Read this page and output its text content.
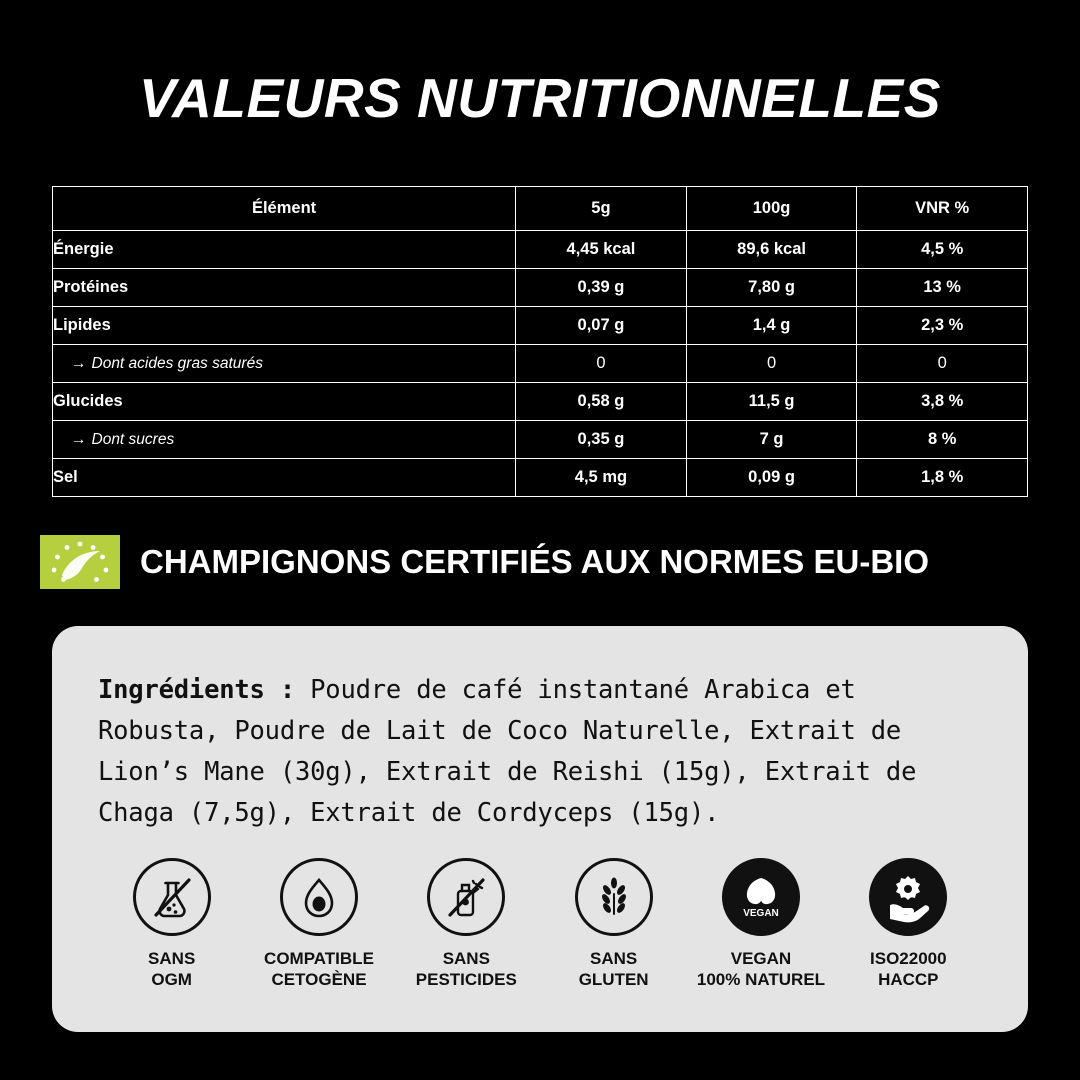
VALEURS NUTRITIONNELLES
Élément	5g	100g	VNR %
Énergie	4,45 kcal	89,6 kcal	4,5 %
Protéines	0,39 g	7,80 g	13 %
Lipides	0,07 g	1,4 g	2,3 %
→ Dont acides gras saturés	0	0	0
Glucides	0,58 g	11,5 g	3,8 %
→ Dont sucres	0,35 g	7 g	8 %
Sel	4,5 mg	0,09 g	1,8 %
CHAMPIGNONS CERTIFIÉS AUX NORMES EU-BIO
Ingrédients : Poudre de café instantané Arabica et Robusta, Poudre de Lait de Coco Naturelle, Extrait de Lion’s Mane (30g), Extrait de Reishi (15g), Extrait de Chaga (7,5g), Extrait de Cordyceps (15g).
SANS
OGM
COMPATIBLE
CETOGÈNE
SANS
PESTICIDES
SANS
GLUTEN
VEGAN
VEGAN
100% NATUREL
ISO22000
HACCP
